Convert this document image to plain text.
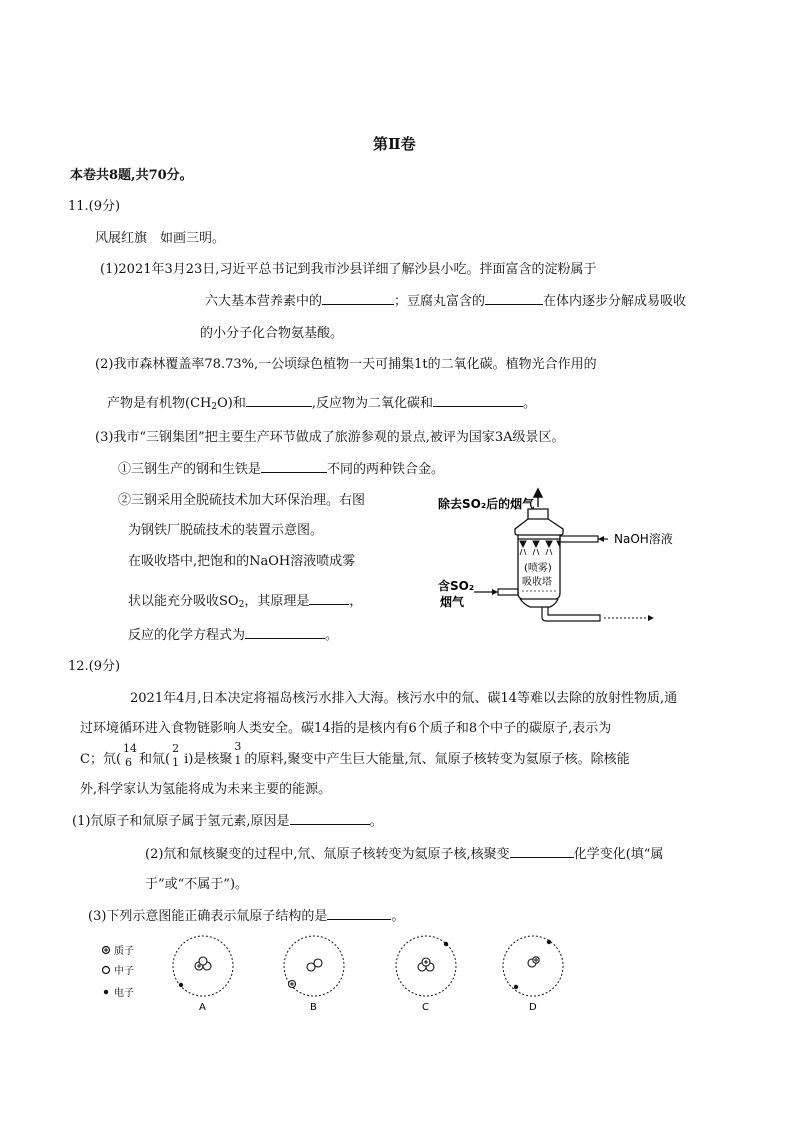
第Ⅱ卷
本卷共8题,共70分。
11.(9分)
风展红旗　如画三明。
(1)2021年3月23日,习近平总书记到我市沙县详细了解沙县小吃。拌面富含的淀粉属于
六大基本营养素中的	；豆腐丸富含的	在体内逐步分解成易吸收
的小分子化合物氨基酸。
(2)我市森林覆盖率78.73%,一公顷绿色植物一天可捕集1t的二氧化碳。植物光合作用的
产物是有机物$(CH_2O)$和	,反应物为二氧化碳和	。
(3)我市“三钢集团”把主要生产环节做成了旅游参观的景点,被评为国家3A级景区。
①三钢生产的钢和生铁是	不同的两种铁合金。
②三钢采用全脱硫技术加大环保治理。右图
为钢铁厂脱硫技术的装置示意图。
在吸收塔中,把饱和的NaOH溶液喷成雾
状以能充分吸收$SO_2$，其原理是	，
反应的化学方程式为	。
除去SO₂后的烟气
NaOH溶液
(喷雾)
吸收塔
含SO₂
烟气
12.(9分)
2021年4月,日本决定将福岛核污水排入大海。核污水中的氚、碳14等难以去除的放射性物质,通
过环境循环进入食物链影响人类安全。碳14指的是核内有6个质子和8个中子的碳原子,表示为
C；氘(
14
6 和氚(
2
1 i)是核聚
3
1 的原料,聚变中产生巨大能量,氘、氚原子核转变为氦原子核。除核能
外,科学家认为氢能将成为未来主要的能源。
(1)氘原子和氚原子属于氢元素,原因是	。
(2)氘和氚核聚变的过程中,氘、氚原子核转变为氦原子核,核聚变	化学变化(填“属
于”或“不属于”)。
(3)下列示意图能正确表示氚原子结构的是	。
质子
中子
电子
A	B	C	D
